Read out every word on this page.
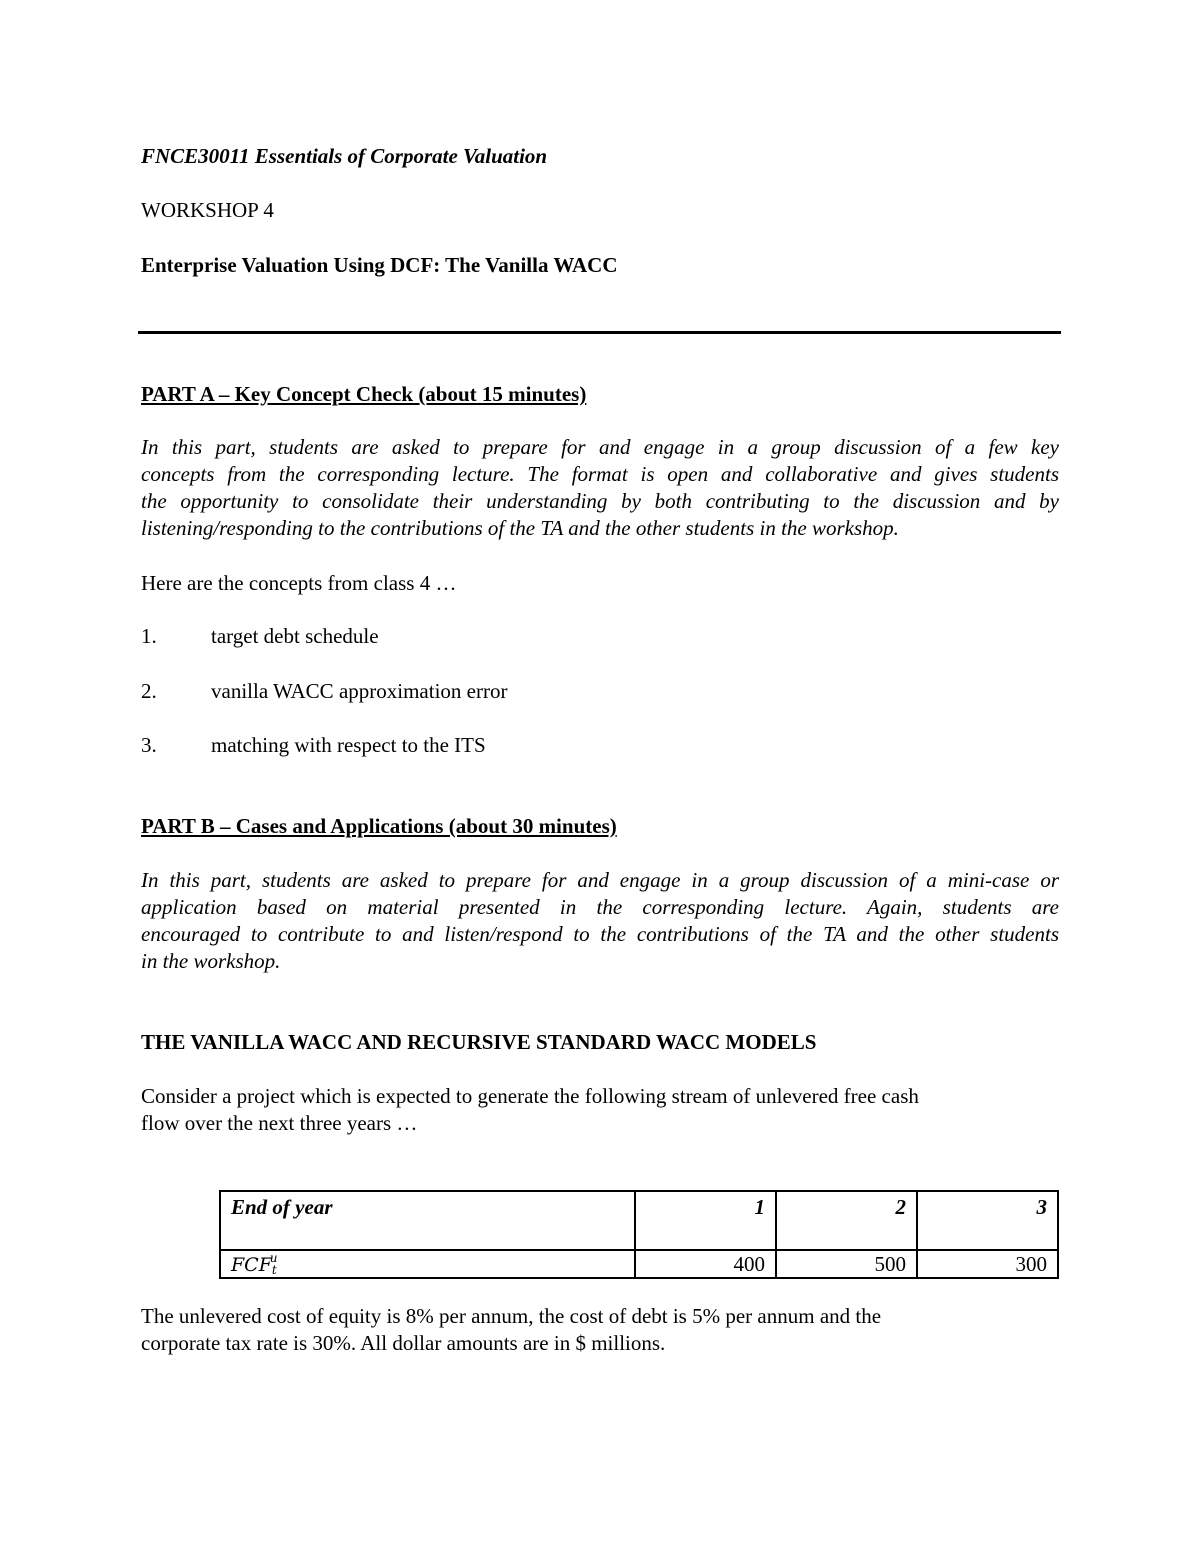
FNCE30011 Essentials of Corporate Valuation
WORKSHOP 4
Enterprise Valuation Using DCF: The Vanilla WACC
PART A – Key Concept Check (about 15 minutes)
In this part, students are asked to prepare for and engage in a group discussion of a few key
concepts from the corresponding lecture. The format is open and collaborative and gives students
the opportunity to consolidate their understanding by both contributing to the discussion and by
listening/responding to the contributions of the TA and the other students in the workshop.
Here are the concepts from class 4 …
1.	target debt schedule
2.	vanilla WACC approximation error
3.	matching with respect to the ITS
PART B – Cases and Applications (about 30 minutes)
In this part, students are asked to prepare for and engage in a group discussion of a mini-case or
application based on material presented in the corresponding lecture. Again, students are
encouraged to contribute to and listen/respond to the contributions of the TA and the other students
in the workshop.
THE VANILLA WACC AND RECURSIVE STANDARD WACC MODELS
Consider a project which is expected to generate the following stream of unlevered free cash
flow over the next three years …
End of year	1	2	3
FCFt$^u$	400	500	300
The unlevered cost of equity is 8% per annum, the cost of debt is 5% per annum and the
corporate tax rate is 30%. All dollar amounts are in $ millions.
